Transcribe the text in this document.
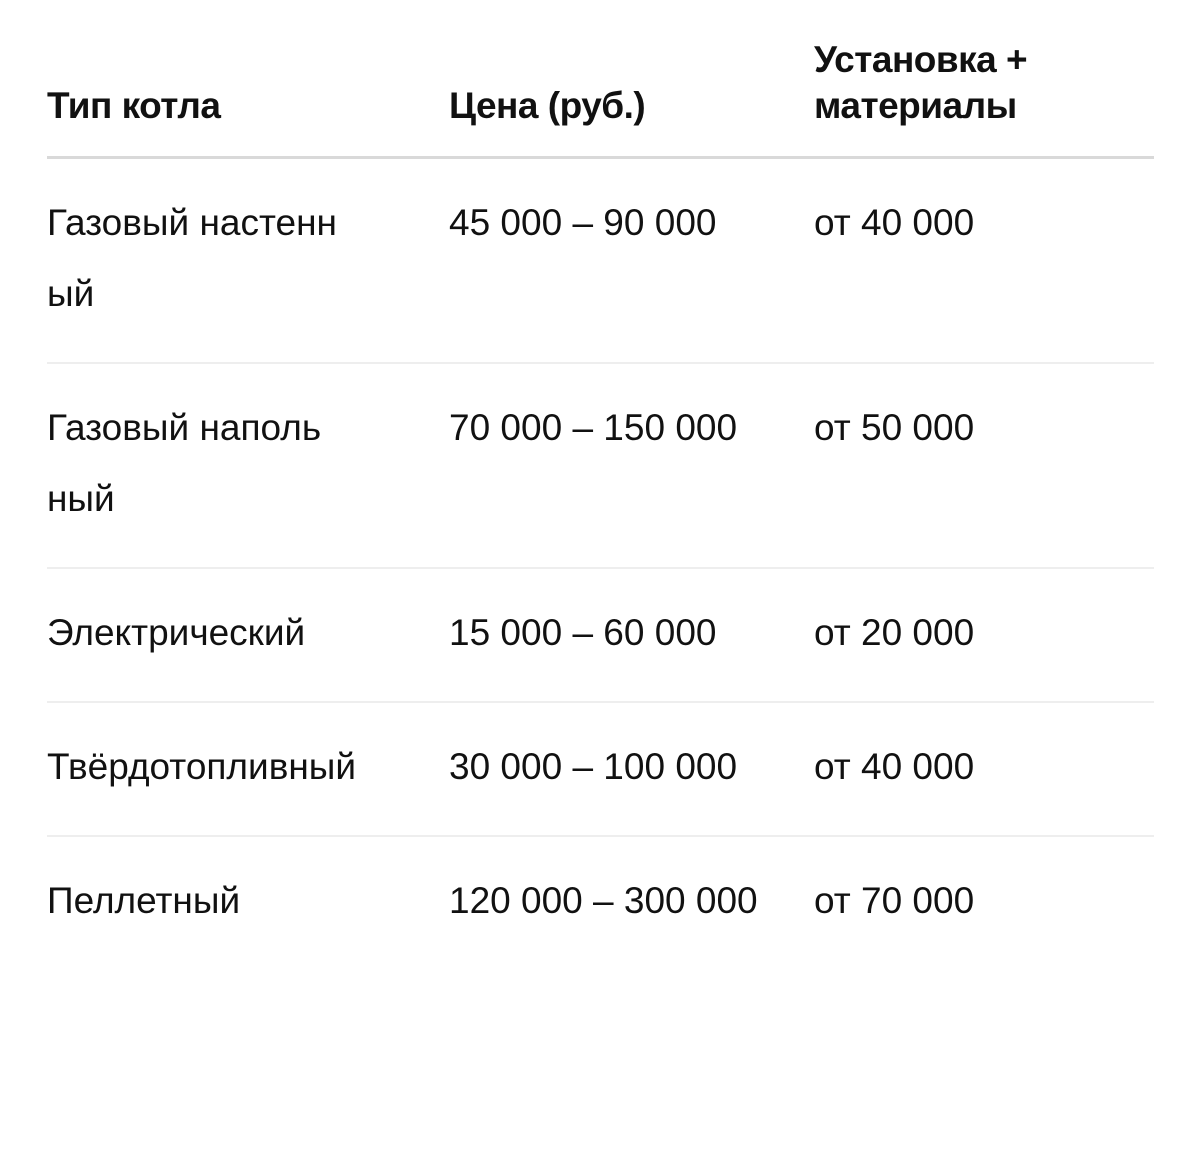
Тип котла	Цена (руб.)	Установка + материалы
Газовый настенный	45 000 – 90 000	от 40 000
Газовый напольный	70 000 – 150 000	от 50 000
Электрический	15 000 – 60 000	от 20 000
Твёрдотопливный	30 000 – 100 000	от 40 000
Пеллетный	120 000 – 300 000	от 70 000
